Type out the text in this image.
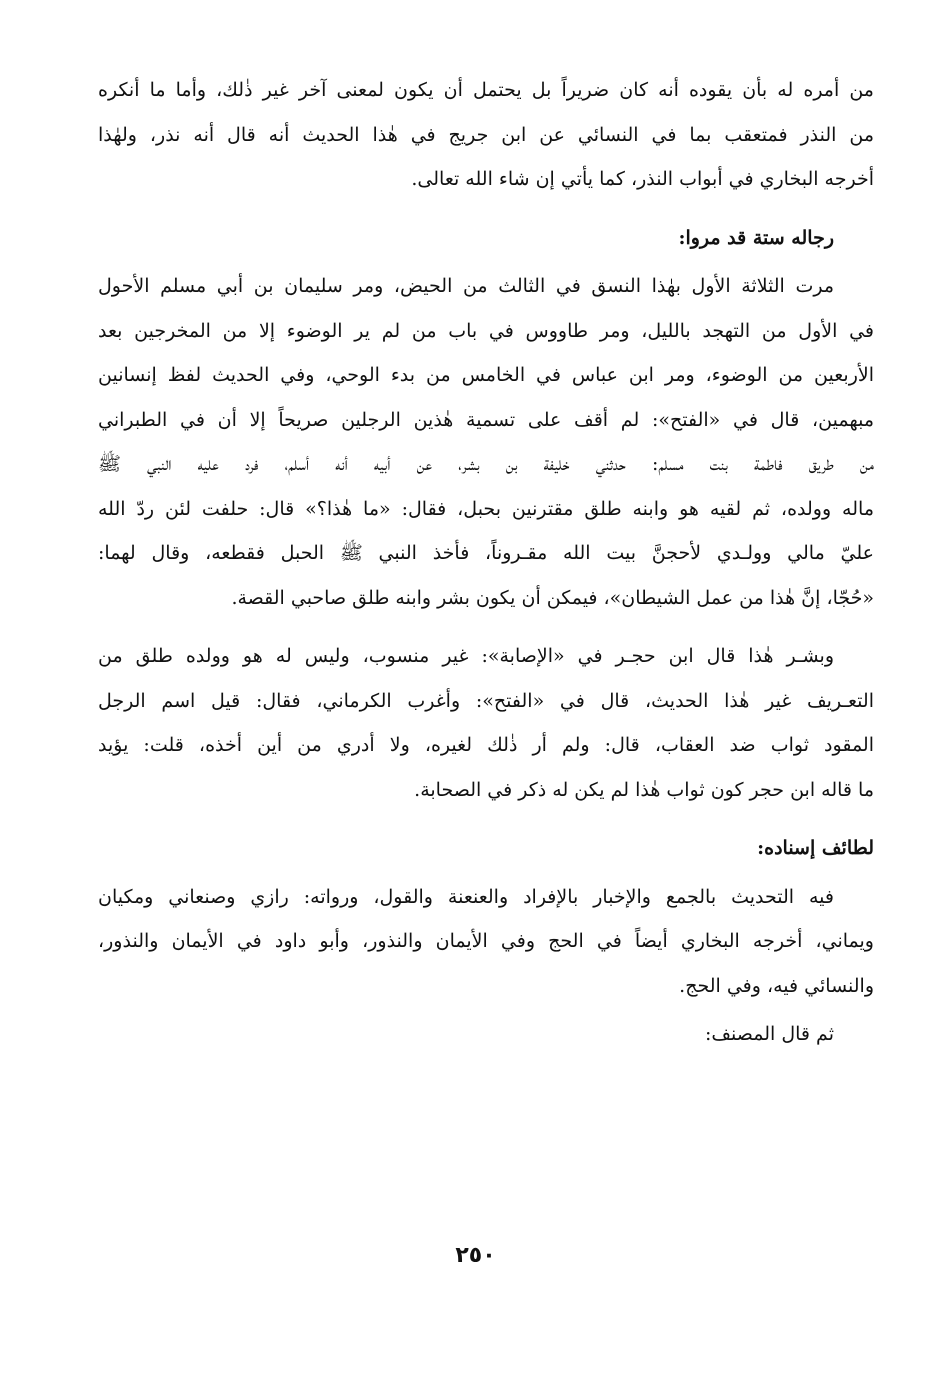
من أمره له بأن يقوده أنه كان ضريراً بل يحتمل أن يكون لمعنى آخر غير ذٰلك، وأما ما أنكره
من النذر فمتعقب بما في النسائي عن ابن جريج في هٰذا الحديث أنه قال أنه نذر، ولهٰذا
أخرجه البخاري في أبواب النذر، كما يأتي إن شاء الله تعالى.
رجاله ستة قد مروا:
مرت الثلاثة الأول بهٰذا النسق في الثالث من الحيض، ومر سليمان بن أبي مسلم الأحول
في الأول من التهجد بالليل، ومر طاووس في باب من لم ير الوضوء إلا من المخرجين بعد
الأربعين من الوضوء، ومر ابن عباس في الخامس من بدء الوحي، وفي الحديث لفظ إنسانين
مبهمين، قال في «الفتح»: لم أقف على تسمية هٰذين الرجلين صريحاً إلا أن في الطبراني
من طريق فاطمة بنت مسلم: حدثني خليفة بن بشر، عن أبيه أنه أسلم، فرد عليه النبي ﷺ
ماله وولده، ثم لقيه هو وابنه طلق مقترنين بحبل، فقال: «ما هٰذا؟» قال: حلفت لئن ردّ الله
عليّ مالي وولـدي لأحجنَّ بيت الله مقـروناً، فأخذ النبي ﷺ الحبل فقطعه، وقال لهما:
«حُجّا، إنَّ هٰذا من عمل الشيطان»، فيمكن أن يكون بشر وابنه طلق صاحبي القصة.
وبشـر هٰذا قال ابن حجـر في «الإصابة»: غير منسوب، وليس له هو وولده طلق من
التعـريف غير هٰذا الحديث، قال في «الفتح»: وأغرب الكرماني، فقال: قيل اسم الرجل
المقود ثواب ضد العقاب، قال: ولم أر ذٰلك لغيره، ولا أدري من أين أخذه، قلت: يؤيد
ما قاله ابن حجر كون ثواب هٰذا لم يكن له ذكر في الصحابة.
لطائف إسناده:
فيه التحديث بالجمع والإخبار بالإفراد والعنعنة والقول، ورواته: رازي وصنعاني ومكيان
ويماني، أخرجه البخاري أيضاً في الحج وفي الأيمان والنذور، وأبو داود في الأيمان والنذور،
والنسائي فيه، وفي الحج.
ثم قال المصنف:
٢٥٠
